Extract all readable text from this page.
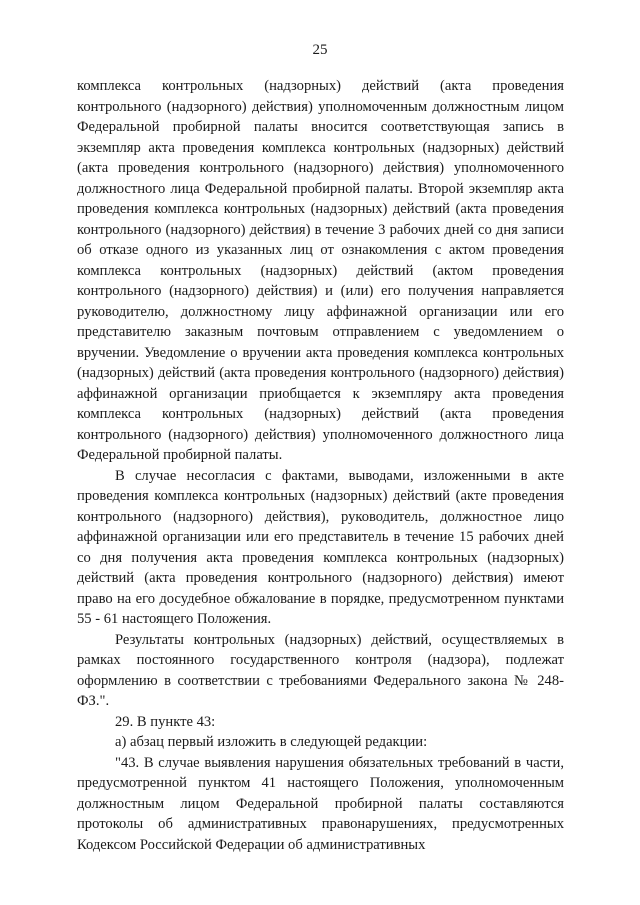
25

комплекса контрольных (надзорных) действий (акта проведения контрольного (надзорного) действия) уполномоченным должностным лицом Федеральной пробирной палаты вносится соответствующая запись в экземпляр акта проведения комплекса контрольных (надзорных) действий (акта проведения контрольного (надзорного) действия) уполномоченного должностного лица Федеральной пробирной палаты. Второй экземпляр акта проведения комплекса контрольных (надзорных) действий (акта проведения контрольного (надзорного) действия) в течение 3 рабочих дней со дня записи об отказе одного из указанных лиц от ознакомления с актом проведения комплекса контрольных (надзорных) действий (актом проведения контрольного (надзорного) действия) и (или) его получения направляется руководителю, должностному лицу аффинажной организации или его представителю заказным почтовым отправлением с уведомлением о вручении. Уведомление о вручении акта проведения комплекса контрольных (надзорных) действий (акта проведения контрольного (надзорного) действия) аффинажной организации приобщается к экземпляру акта проведения комплекса контрольных (надзорных) действий (акта проведения контрольного (надзорного) действия) уполномоченного должностного лица Федеральной пробирной палаты.

В случае несогласия с фактами, выводами, изложенными в акте проведения комплекса контрольных (надзорных) действий (акте проведения контрольного (надзорного) действия), руководитель, должностное лицо аффинажной организации или его представитель в течение 15 рабочих дней со дня получения акта проведения комплекса контрольных (надзорных) действий (акта проведения контрольного (надзорного) действия) имеют право на его досудебное обжалование в порядке, предусмотренном пунктами 55 - 61 настоящего Положения.

Результаты контрольных (надзорных) действий, осуществляемых в рамках постоянного государственного контроля (надзора), подлежат оформлению в соответствии с требованиями Федерального закона № 248-ФЗ.".

29. В пункте 43:

а) абзац первый изложить в следующей редакции:

"43. В случае выявления нарушения обязательных требований в части, предусмотренной пунктом 41 настоящего Положения, уполномоченным должностным лицом Федеральной пробирной палаты составляются протоколы об административных правонарушениях, предусмотренных Кодексом Российской Федерации об административных
